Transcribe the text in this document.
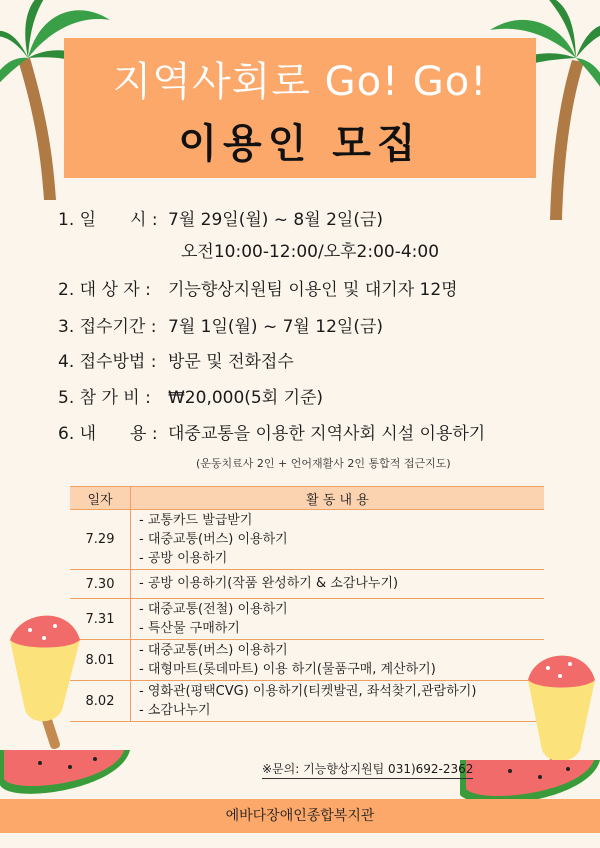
지역사회로 Go! Go!
이용인 모집
1. 일　　시 : 7월 29일(월) ~ 8월 2일(금)
오전10:00-12:00/오후2:00-4:00
2. 대 상 자 : 기능향상지원팀 이용인 및 대기자 12명
3. 접수기간 : 7월 1일(월) ~ 7월 12일(금)
4. 접수방법 : 방문 및 전화접수
5. 참 가 비 : ₩20,000(5회 기준)
6. 내　　용 : 대중교통을 이용한 지역사회 시설 이용하기
(운동치료사 2인 + 언어재활사 2인 통합적 접근지도)
일자	활 동 내 용
7.29	- 교통카드 발급받기
- 대중교통(버스) 이용하기
- 공방 이용하기

7.30	- 공방 이용하기(작품 완성하기 & 소감나누기)

7.31	- 대중교통(전철) 이용하기
- 특산물 구매하기

8.01	- 대중교통(버스) 이용하기
- 대형마트(롯데마트) 이용 하기(물품구매, 계산하기)

8.02	- 영화관(평택CVG) 이용하기(티켓발권, 좌석찾기,관람하기)
- 소감나누기
※문의: 기능향상지원팀 031)692-2362
에바다장애인종합복지관
